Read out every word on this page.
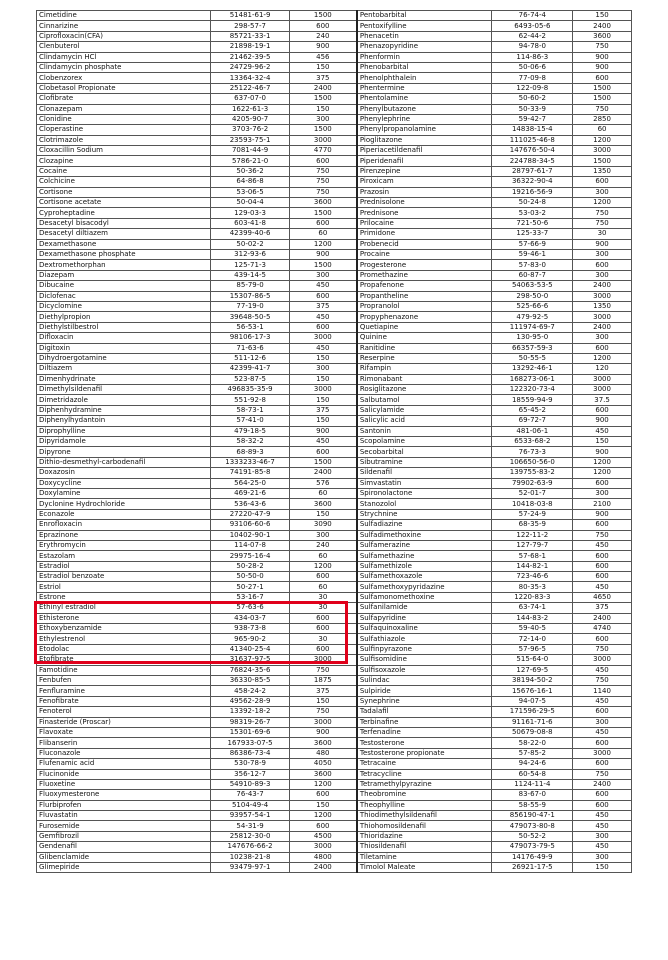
Cimetidine	51481-61-9	1500	Pentobarbital	76-74-4	150
Cinnarizine	298-57-7	600	Pentoxifylline	6493-05-6	2400
Ciprofloxacin(CFA)	85721-33-1	240	Phenacetin	62-44-2	3600
Clenbuterol	21898-19-1	900	Phenazopyridine	94-78-0	750
Clindamycin HCl	21462-39-5	456	Phenformin	114-86-3	900
Clindamycin phosphate	24729-96-2	150	Phenobarbital	50-06-6	900
Clobenzorex	13364-32-4	375	Phenolphthalein	77-09-8	600
Clobetasol Propionate	25122-46-7	2400	Phentermine	122-09-8	1500
Clofibrate	637-07-0	1500	Phentolamine	50-60-2	1500
Clonazepam	1622-61-3	150	Phenylbutazone	50-33-9	750
Clonidine	4205-90-7	300	Phenylephrine	59-42-7	2850
Cloperastine	3703-76-2	1500	Phenylpropanolamine	14838-15-4	60
Clotrimazole	23593-75-1	3000	Pioglitazone	111025-46-8	1200
Cloxacillin Sodium	7081-44-9	4770	Piperiacetildenafil	147676-50-4	3000
Clozapine	5786-21-0	600	Piperidenafil	224788-34-5	1500
Cocaine	50-36-2	750	Pirenzepine	28797-61-7	1350
Colchicine	64-86-8	750	Piroxicam	36322-90-4	600
Cortisone	53-06-5	750	Prazosin	19216-56-9	300
Cortisone acetate	50-04-4	3600	Prednisolone	50-24-8	1200
Cyproheptadine	129-03-3	1500	Prednisone	53-03-2	750
Desacetyl bisacodyl	603-41-8	600	Prilocaine	721-50-6	750
Desacetyl diltiazem	42399-40-6	60	Primidone	125-33-7	30
Dexamethasone	50-02-2	1200	Probenecid	57-66-9	900
Dexamethasone phosphate	312-93-6	900	Procaine	59-46-1	300
Dextromethorphan	125-71-3	1500	Progesterone	57-83-0	600
Diazepam	439-14-5	300	Promethazine	60-87-7	300
Dibucaine	85-79-0	450	Propafenone	54063-53-5	2400
Diclofenac	15307-86-5	600	Propantheline	298-50-0	3000
Dicyclomine	77-19-0	375	Propranolol	525-66-6	1350
Diethylpropion	39648-50-5	450	Propyphenazone	479-92-5	3000
Diethylstilbestrol	56-53-1	600	Quetiapine	111974-69-7	2400
Difloxacin	98106-17-3	3000	Quinine	130-95-0	300
Digitoxin	71-63-6	450	Ranitidine	66357-59-3	600
Dihydroergotamine	511-12-6	150	Reserpine	50-55-5	1200
Diltiazem	42399-41-7	300	Rifampin	13292-46-1	120
Dimenhydrinate	523-87-5	150	Rimonabant	168273-06-1	3000
Dimethylsildenafil	496835-35-9	3000	Rosiglitazone	122320-73-4	3000
Dimetridazole	551-92-8	150	Salbutamol	18559-94-9	37.5
Diphenhydramine	58-73-1	375	Salicylamide	65-45-2	600
Diphenylhydantoin	57-41-0	150	Salicylic acid	69-72-7	900
Diprophylline	479-18-5	900	Santonin	481-06-1	450
Dipyridamole	58-32-2	450	Scopolamine	6533-68-2	150
Dipyrone	68-89-3	600	Secobarbital	76-73-3	900
Dithio-desmethyl-carbodenafil	1333233-46-7	1500	Sibutramine	106650-56-0	1200
Doxazosin	74191-85-8	2400	Sildenafil	139755-83-2	1200
Doxycycline	564-25-0	576	Simvastatin	79902-63-9	600
Doxylamine	469-21-6	60	Spironolactone	52-01-7	300
Dyclonine Hydrochloride	536-43-6	3600	Stanozolol	10418-03-8	2100
Econazole	27220-47-9	150	Strychnine	57-24-9	900
Enrofloxacin	93106-60-6	3090	Sulfadiazine	68-35-9	600
Eprazinone	10402-90-1	300	Sulfadimethoxine	122-11-2	750
Erythromycin	114-07-8	240	Sulfamerazine	127-79-7	450
Estazolam	29975-16-4	60	Sulfamethazine	57-68-1	600
Estradiol	50-28-2	1200	Sulfamethizole	144-82-1	600
Estradiol benzoate	50-50-0	600	Sulfamethoxazole	723-46-6	600
Estriol	50-27-1	60	Sulfamethoxypyridazine	80-35-3	450
Estrone	53-16-7	30	Sulfamonomethoxine	1220-83-3	4650
Ethinyl estradiol	57-63-6	30	Sulfanilamide	63-74-1	375
Ethisterone	434-03-7	600	Sulfapyridine	144-83-2	2400
Ethoxybenzamide	938-73-8	600	Sulfaquinoxaline	59-40-5	4740
Ethylestrenol	965-90-2	30	Sulfathiazole	72-14-0	600
Etodolac	41340-25-4	600	Sulfinpyrazone	57-96-5	750
Etofibrate	31637-97-5	3000	Sulfisomidine	515-64-0	3000
Famotidine	76824-35-6	750	Sulfisoxazole	127-69-5	450
Fenbufen	36330-85-5	1875	Sulindac	38194-50-2	750
Fenfluramine	458-24-2	375	Sulpiride	15676-16-1	1140
Fenofibrate	49562-28-9	150	Synephrine	94-07-5	450
Fenoterol	13392-18-2	750	Tadalafil	171596-29-5	600
Finasteride (Proscar)	98319-26-7	3000	Terbinafine	91161-71-6	300
Flavoxate	15301-69-6	900	Terfenadine	50679-08-8	450
Flibanserin	167933-07-5	3600	Testosterone	58-22-0	600
Fluconazole	86386-73-4	480	Testosterone propionate	57-85-2	3000
Flufenamic acid	530-78-9	4050	Tetracaine	94-24-6	600
Flucinonide	356-12-7	3600	Tetracycline	60-54-8	750
Fluoxetine	54910-89-3	1200	Tetramethylpyrazine	1124-11-4	2400
Fluoxymesterone	76-43-7	600	Theobromine	83-67-0	600
Flurbiprofen	5104-49-4	150	Theophylline	58-55-9	600
Fluvastatin	93957-54-1	1200	Thiodimethylsildenafil	856190-47-1	450
Furosemide	54-31-9	600	Thiohomosildenafil	479073-80-8	450
Gemfibrozil	25812-30-0	4500	Thioridazine	50-52-2	300
Gendenafil	147676-66-2	3000	Thiosildenafil	479073-79-5	450
Glibenclamide	10238-21-8	4800	Tiletamine	14176-49-9	300
Glimepiride	93479-97-1	2400	Timolol Maleate	26921-17-5	150
